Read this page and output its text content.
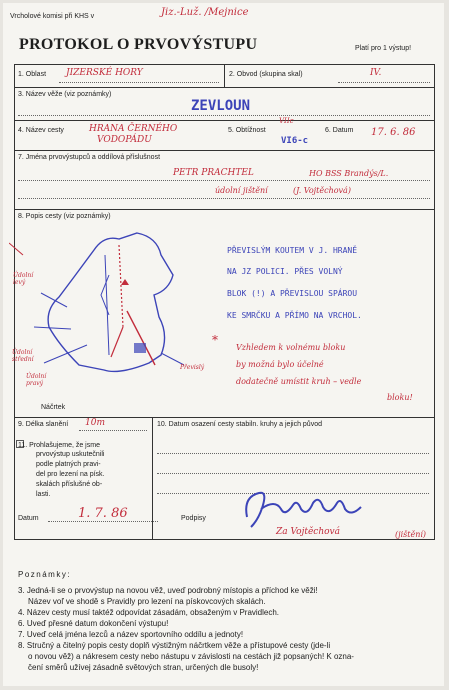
Vrcholové komisi při KHS v	Jiz.-Luž. /Mejnice
PROTOKOL O PRVOVÝSTUPU	Platí pro 1 výstup!
1. Oblast JIZERSKÉ HORY	2. Obvod (skupina skal)	IV.
3. Název věže (viz poznámky)
ZEVLOUN
4. Název cesty	HRANA ČERNÉHO
VODOPÁDU
5. Obtížnost
VIIc
VI6-c
6. Datum 17. 6. 86
7. Jména prvovýstupců a oddílová příslušnost
PETR PRACHTEL	HO BSS Brandýs/L.
údolní jištění	(J. Vojtěchová)
8. Popis cesty (viz poznámky)
Údolní levý
Údolní střední
Údolní pravý
Převislý
Náčrtek
PŘEVISLÝM KOUTEM V J. HRANĚ
NA JZ POLICI. PŘES VOLNÝ
BLOK (!) A PŘEVISLOU SPÁROU
KE SMRČKU A PŘÍMO NA VRCHOL.
*
Vzhledem k volnému bloku
by možná bylo účelné
dodatečně umístit kruh – vedle
bloku!
9. Délka slanění 10m	10. Datum osazení cesty stabiln. kruhy a jejich původ
11. Prohlašujeme, že jsme
prvovýstup uskutečnili
podle platných pravi-
del pro lezení na písk.
skalách příslušné ob-
lasti.
Datum	1. 7. 86	Podpisy
Za Vojtěchová	(jištění)
Poznámky:
3. Jedná-li se o prvovýstup na novou věž, uveď podrobný místopis a příchod ke věži!
Název voľ ve shodě s Pravidly pro lezení na pískovcových skalách.
4. Název cesty musí taktéž odpovídat zásadám, obsaženým v Pravidlech.
6. Uveď přesné datum dokončení výstupu!
7. Uveď celá jména lezců a název sportovního oddílu a jednoty!
8. Stručný a čitelný popis cesty doplň výstižným náčrtkem věže a přístupové cesty (jde-li
o novou věž) a nákresem cesty nebo nástupu v závislosti na cestách již popsaných! K ozna-
čení směrů užívej zásadně světových stran, určených dle busoly!
